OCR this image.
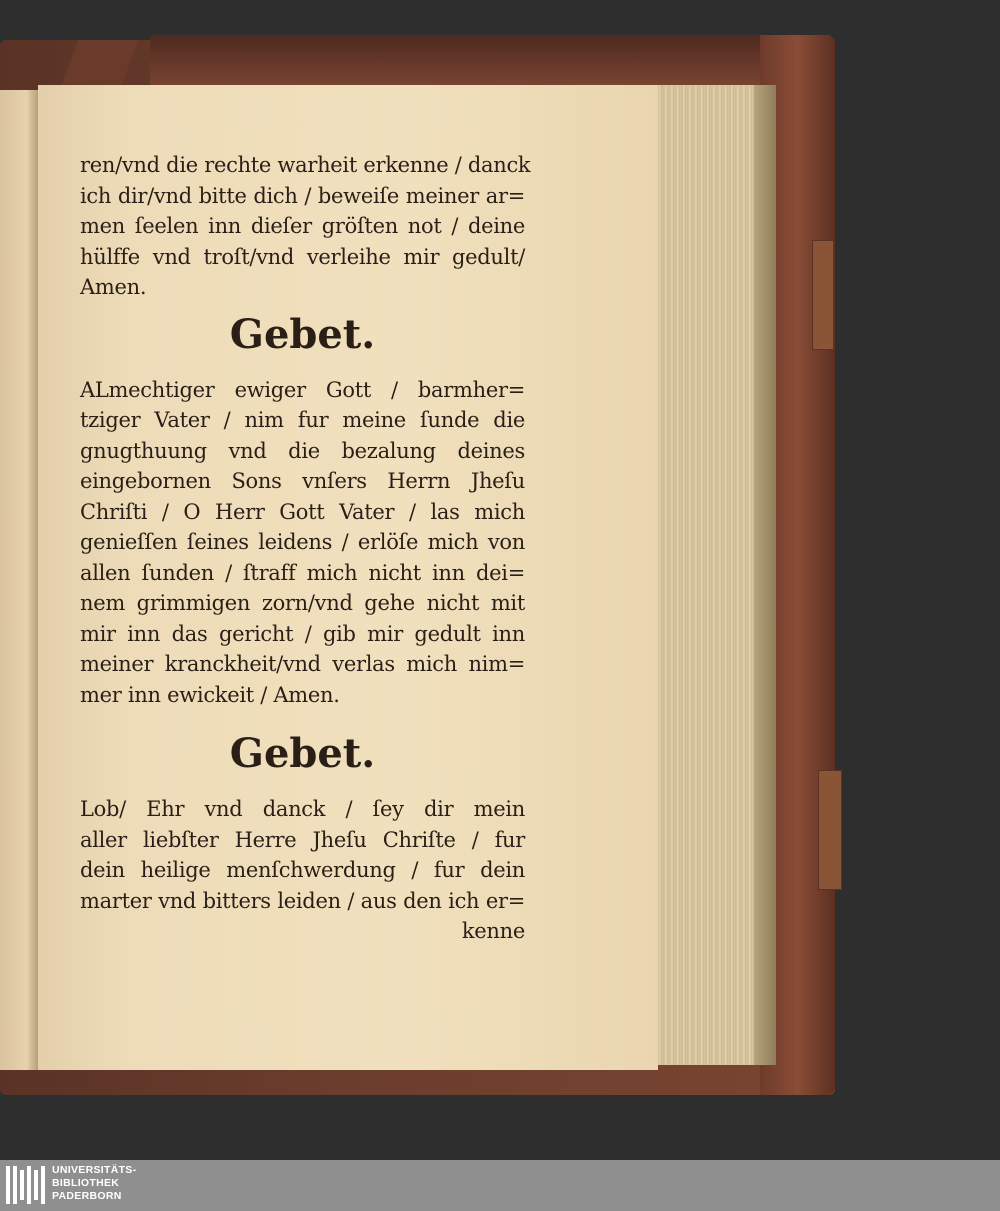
ren/vnd die rechte warheit erkenne / danck
ich dir/vnd bitte dich / beweiſe meiner ar=
men ſeelen inn dieſer gröſten not / deine
hülffe vnd troſt/vnd verleihe mir gedult/
Amen.
Gebet.
ALmechtiger ewiger Gott / barmher=
tziger Vater / nim fur meine ſunde die
gnugthuung vnd die bezalung deines
eingebornen Sons vnſers Herrn Jheſu
Chriſti / O Herr Gott Vater / las mich
genieſſen ſeines leidens / erlöſe mich von
allen ſunden / ſtraff mich nicht inn dei=
nem grimmigen zorn/vnd gehe nicht mit
mir inn das gericht / gib mir gedult inn
meiner kranckheit/vnd verlas mich nim=
mer inn ewickeit / Amen.
Gebet.
Lob/ Ehr vnd danck / ſey dir mein
aller liebſter Herre Jheſu Chriſte / fur
dein heilige menſchwerdung / fur dein
marter vnd bitters leiden / aus den ich er=
kenne
UNIVERSITÄTS-
BIBLIOTHEK
PADERBORN
